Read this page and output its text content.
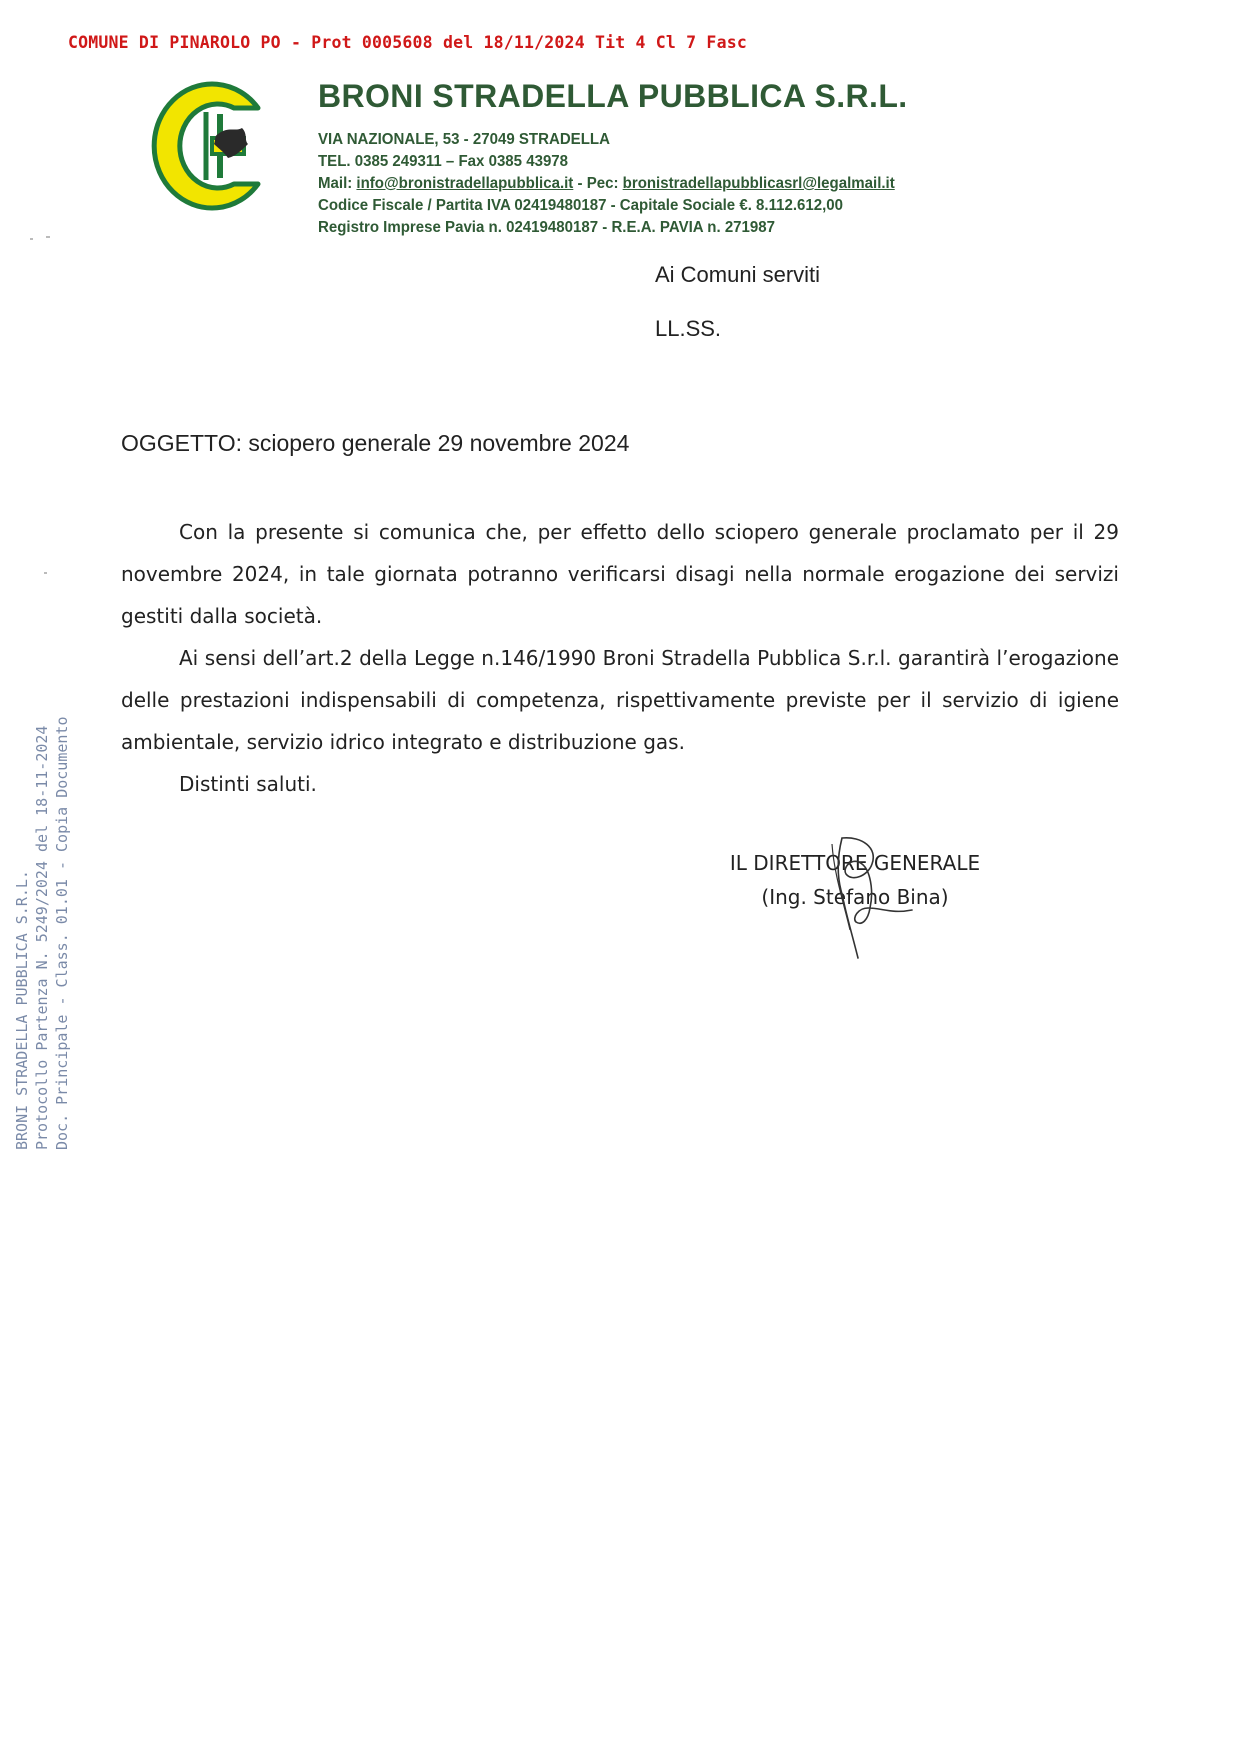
COMUNE DI PINAROLO PO - Prot 0005608 del 18/11/2024 Tit 4 Cl 7 Fasc
BRONI STRADELLA PUBBLICA S.R.L.
VIA NAZIONALE, 53 - 27049 STRADELLA
TEL. 0385 249311 – Fax 0385 43978
Mail: info@bronistradellapubblica.it - Pec: bronistradellapubblicasrl@legalmail.it
Codice Fiscale / Partita IVA 02419480187 - Capitale Sociale €. 8.112.612,00
Registro Imprese Pavia n. 02419480187 - R.E.A. PAVIA n. 271987
Ai Comuni serviti
LL.SS.
OGGETTO: sciopero generale 29 novembre 2024

Con la presente si comunica che, per effetto dello sciopero generale proclamato per il 29 novembre 2024, in tale giornata potranno verificarsi disagi nella normale erogazione dei servizi gestiti dalla società.

Ai sensi dell’art.2 della Legge n.146/1990 Broni Stradella Pubblica S.r.l. garantirà l’erogazione delle prestazioni indispensabili di competenza, rispettivamente previste per il servizio di igiene ambientale, servizio idrico integrato e distribuzione gas.

Distinti saluti.

IL DIRETTORE GENERALE
(Ing. Stefano Bina)
BRONI STRADELLA PUBBLICA S.R.L. Protocollo Partenza N. 5249/2024 del 18-11-2024 Doc. Principale - Class. 01.01 - Copia Documento
